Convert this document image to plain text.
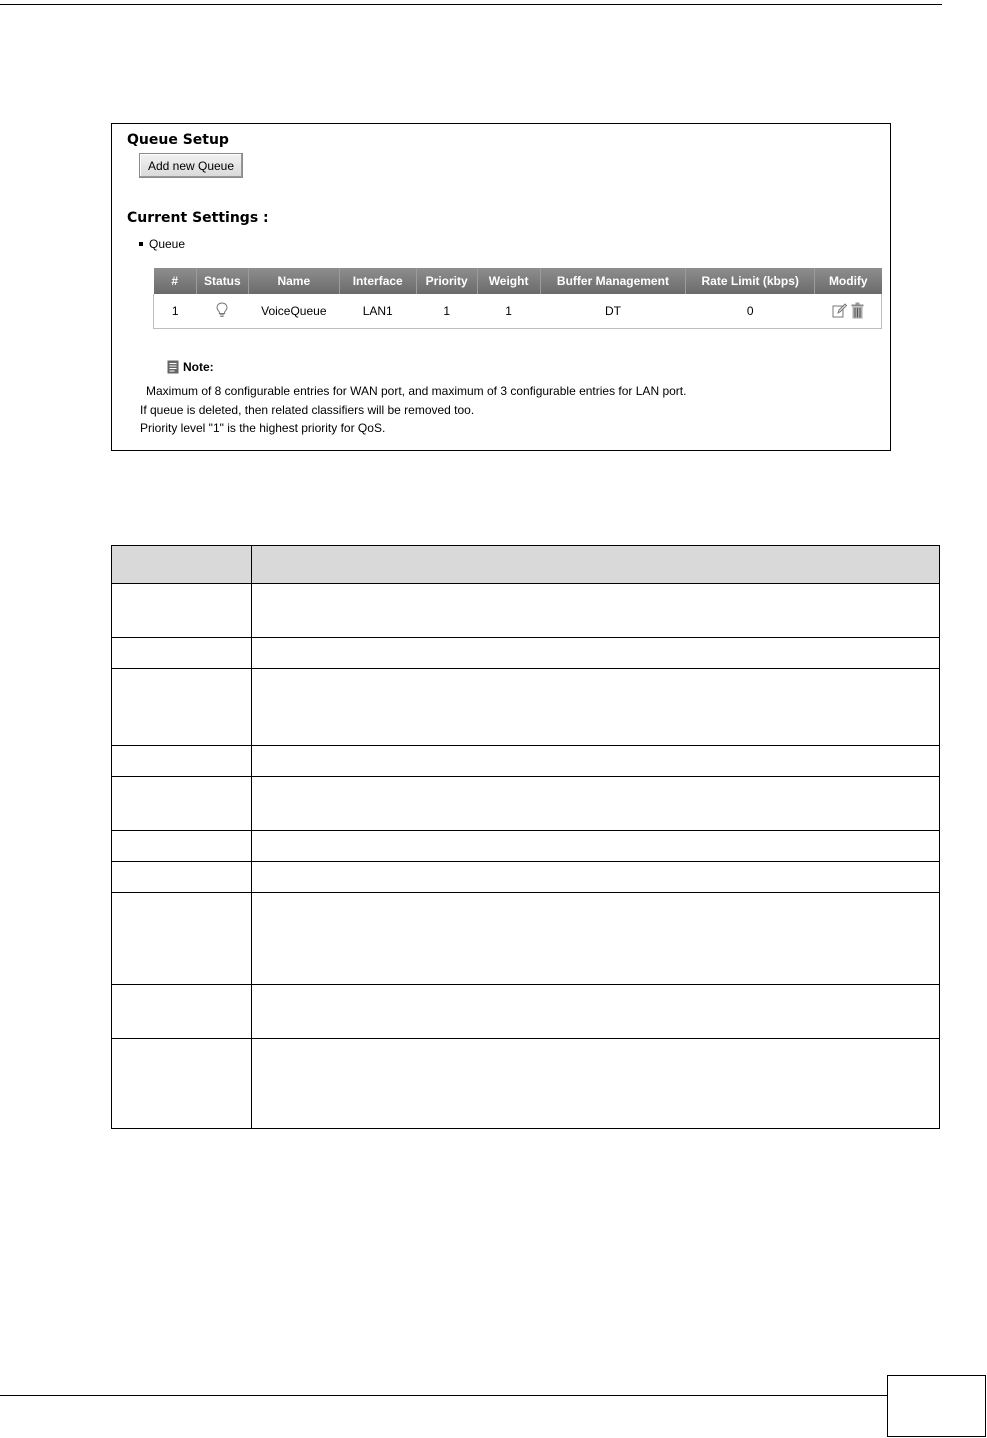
Queue Setup
Add new Queue
Current Settings :
Queue
#	Status	Name	Interface	Priority	Weight	Buffer Management	Rate Limit (kbps)	Modify
1		VoiceQueue	LAN1	1	1	DT	0	
Note:
Maximum of 8 configurable entries for WAN port, and maximum of 3 configurable entries for LAN port.
If queue is deleted, then related classifiers will be removed too.
Priority level "1" is the highest priority for QoS.
